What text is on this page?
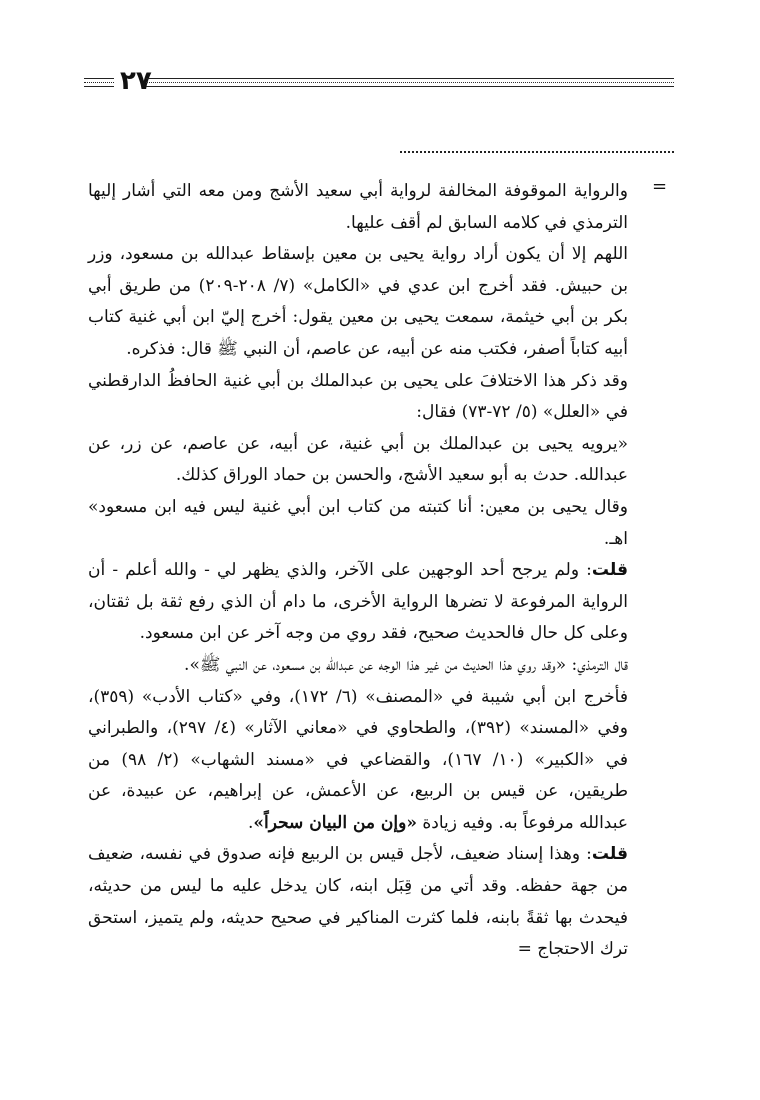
٢٧
=

والرواية الموقوفة المخالفة لرواية أبي سعيد الأشج ومن معه التي أشار إليها الترمذي في كلامه السابق لم أقف عليها.

اللهم إلا أن يكون أراد رواية يحيى بن معين بإسقاط عبدالله بن مسعود، وزر بن حبيش. فقد أخرج ابن عدي في «الكامل» (٧/ ٢٠٨-٢٠٩) من طريق أبي بكر بن أبي خيثمة، سمعت يحيى بن معين يقول: أخرج إليّ ابن أبي غنية كتاب أبيه كتاباً أصفر، فكتب منه عن أبيه، عن عاصم، أن النبي ﷺ قال: فذكره.

وقد ذكر هذا الاختلافَ على يحيى بن عبدالملك بن أبي غنية الحافظُ الدارقطني في «العلل» (٥/ ٧٢-٧٣) فقال:

«يرويه يحيى بن عبدالملك بن أبي غنية، عن أبيه، عن عاصم، عن زر، عن عبدالله. حدث به أبو سعيد الأشج، والحسن بن حماد الوراق كذلك.

وقال يحيى بن معين: أنا كتبته من كتاب ابن أبي غنية ليس فيه ابن مسعود» اهـ.

قلت: ولم يرجح أحد الوجهين على الآخر، والذي يظهر لي - والله أعلم - أن الرواية المرفوعة لا تضرها الرواية الأخرى، ما دام أن الذي رفع ثقة بل ثقتان، وعلى كل حال فالحديث صحيح، فقد روي من وجه آخر عن ابن مسعود.

قال الترمذي: «وقد روي هذا الحديث من غير هذا الوجه عن عبدالله بن مسعود، عن النبي ﷺ».

فأخرج ابن أبي شيبة في «المصنف» (٦/ ١٧٢)، وفي «كتاب الأدب» (٣٥٩)، وفي «المسند» (٣٩٢)، والطحاوي في «معاني الآثار» (٤/ ٢٩٧)، والطبراني في «الكبير» (١٠/ ١٦٧)، والقضاعي في «مسند الشهاب» (٢/ ٩٨) من طريقين، عن قيس بن الربيع، عن الأعمش، عن إبراهيم، عن عبيدة، عن عبدالله مرفوعاً به. وفيه زيادة «وإن من البيان سحراً».

قلت: وهذا إسناد ضعيف، لأجل قيس بن الربيع فإنه صدوق في نفسه، ضعيف من جهة حفظه. وقد أتي من قِبَل ابنه، كان يدخل عليه ما ليس من حديثه، فيحدث بها ثقةً بابنه، فلما كثرت المناكير في صحيح حديثه، ولم يتميز، استحق ترك الاحتجاج =
